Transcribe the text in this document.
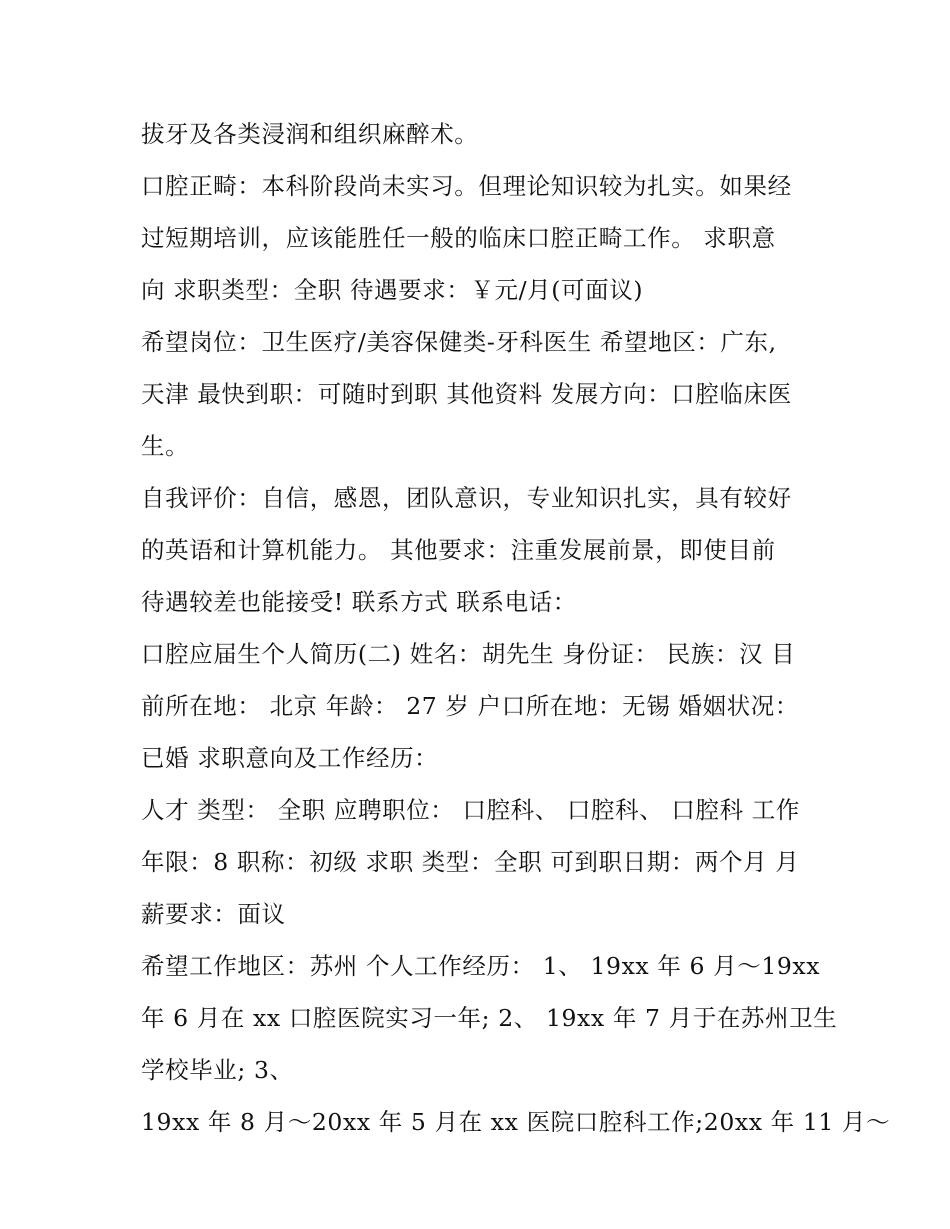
拔牙及各类浸润和组织麻醉术。
口腔正畸：本科阶段尚未实习。但理论知识较为扎实。如果经
过短期培训，应该能胜任一般的临床口腔正畸工作。 求职意
向 求职类型：全职 待遇要求：￥元/月(可面议)
希望岗位：卫生医疗/美容保健类-牙科医生 希望地区：广东,
天津 最快到职：可随时到职 其他资料 发展方向：口腔临床医
生。
自我评价：自信，感恩，团队意识，专业知识扎实，具有较好
的英语和计算机能力。 其他要求：注重发展前景，即使目前
待遇较差也能接受! 联系方式 联系电话：
口腔应届生个人简历(二) 姓名：胡先生 身份证： 民族：汉 目
前所在地： 北京 年龄： 27 岁 户口所在地：无锡 婚姻状况：
已婚 求职意向及工作经历：
人才 类型： 全职 应聘职位： 口腔科、 口腔科、 口腔科 工作
年限：8 职称：初级 求职 类型：全职 可到职日期：两个月 月
薪要求：面议
希望工作地区：苏州 个人工作经历： 1、 19xx 年 6 月～19xx
年 6 月在 xx 口腔医院实习一年; 2、 19xx 年 7 月于在苏州卫生
学校毕业; 3、
19xx 年 8 月～20xx 年 5 月在 xx 医院口腔科工作;20xx 年 11 月～
